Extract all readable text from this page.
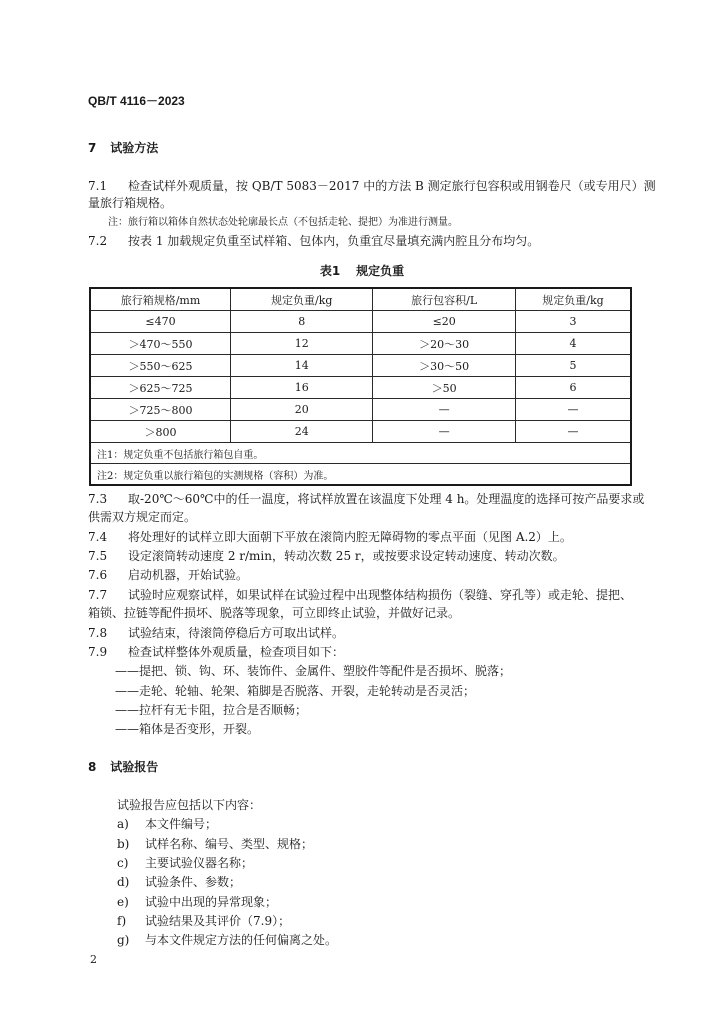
QB/T 4116－2023
7 试验方法
7.1 检查试样外观质量，按 QB/T 5083－2017 中的方法 B 测定旅行包容积或用钢卷尺（或专用尺）测
量旅行箱规格。
注：旅行箱以箱体自然状态处轮廓最长点（不包括走轮、提把）为准进行测量。
7.2 按表 1 加载规定负重至试样箱、包体内，负重宜尽量填充满内腔且分布均匀。
表1 规定负重
旅行箱规格/mm	规定负重/kg	旅行包容积/L	规定负重/kg
≤470	8	≤20	3
＞470～550	12	＞20～30	4
＞550～625	14	＞30～50	5
＞625～725	16	＞50	6
＞725～800	20	—	—
＞800	24	—	—
注1：规定负重不包括旅行箱包自重。			
注2：规定负重以旅行箱包的实测规格（容积）为准。			
7.3 取-20℃～60℃中的任一温度，将试样放置在该温度下处理 4 h。处理温度的选择可按产品要求或
供需双方规定而定。
7.4 将处理好的试样立即大面朝下平放在滚筒内腔无障碍物的零点平面（见图 A.2）上。
7.5 设定滚筒转动速度 2 r/min，转动次数 25 r，或按要求设定转动速度、转动次数。
7.6 启动机器，开始试验。
7.7 试验时应观察试样，如果试样在试验过程中出现整体结构损伤（裂缝、穿孔等）或走轮、提把、
箱锁、拉链等配件损坏、脱落等现象，可立即终止试验，并做好记录。
7.8 试验结束，待滚筒停稳后方可取出试样。
7.9 检查试样整体外观质量，检查项目如下：
——提把、锁、钩、环、装饰件、金属件、塑胶件等配件是否损坏、脱落；
——走轮、轮轴、轮架、箱脚是否脱落、开裂，走轮转动是否灵活；
——拉杆有无卡阻，拉合是否顺畅；
——箱体是否变形，开裂。
8 试验报告
试验报告应包括以下内容：
a) 本文件编号；
b) 试样名称、编号、类型、规格；
c) 主要试验仪器名称；
d) 试验条件、参数；
e) 试验中出现的异常现象；
f) 试验结果及其评价（7.9）；
g) 与本文件规定方法的任何偏离之处。
2
